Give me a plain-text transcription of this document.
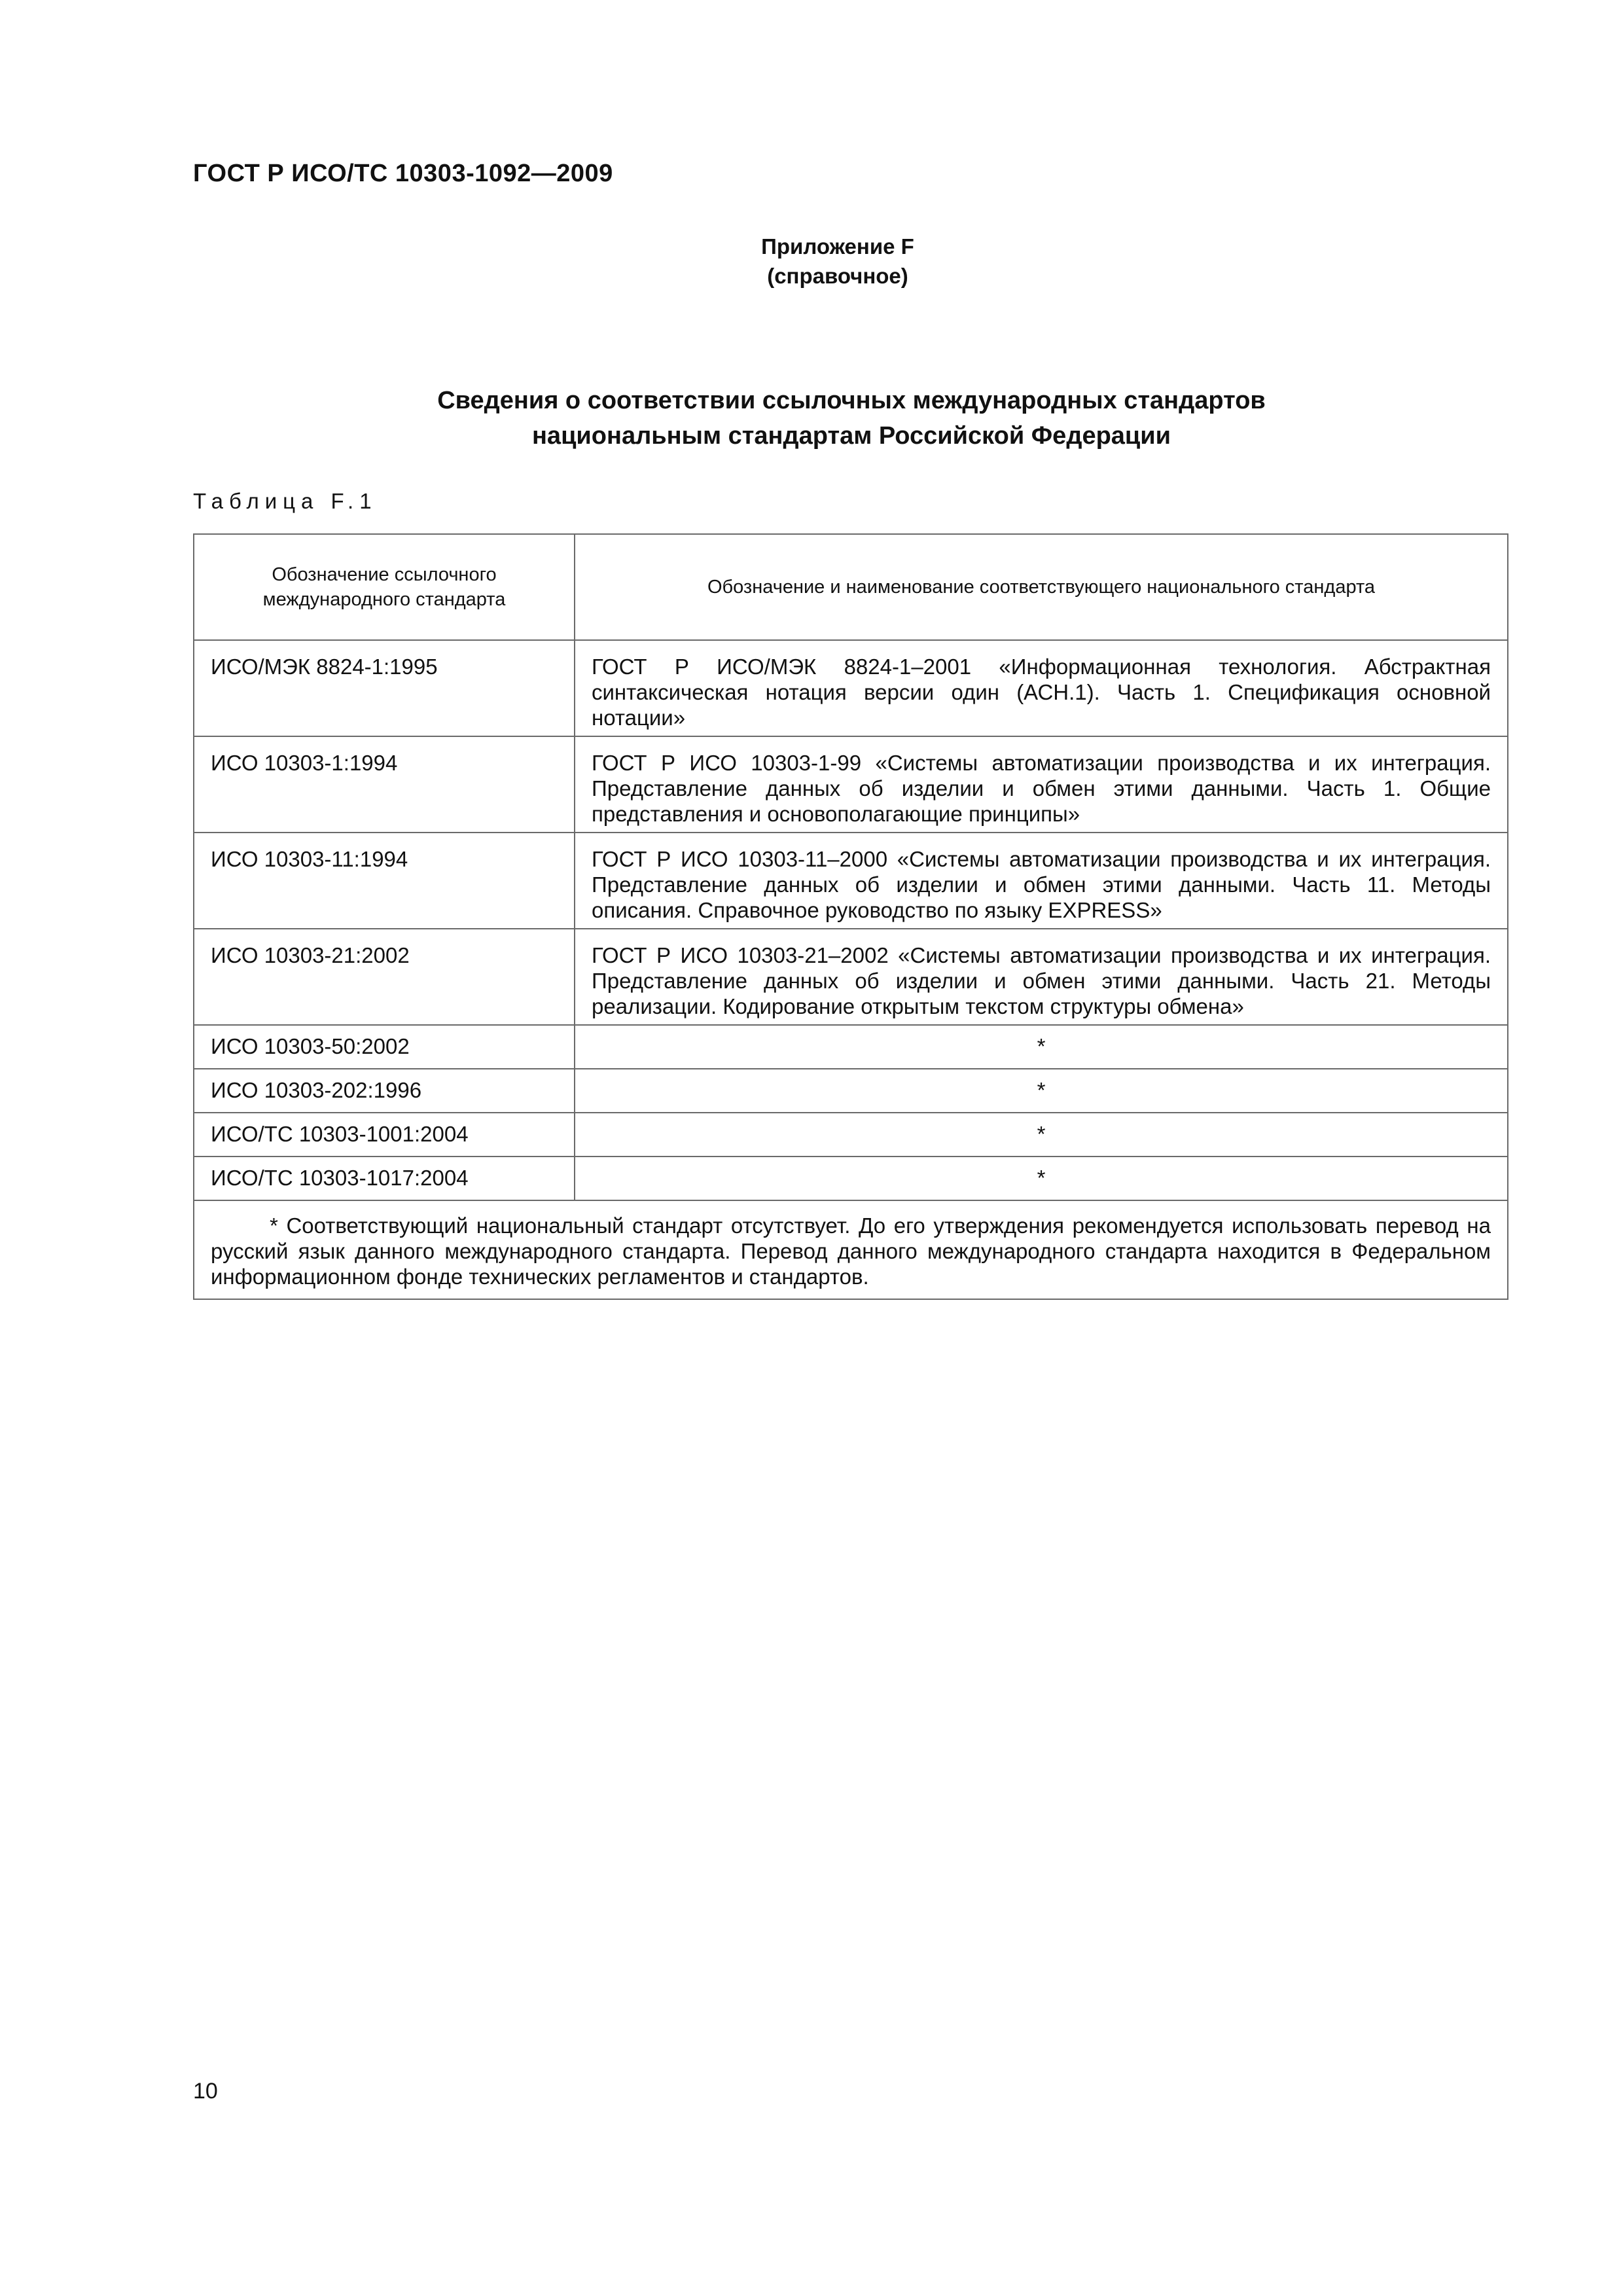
ГОСТ Р ИСО/ТС 10303-1092—2009
Приложение F
(справочное)
Сведения о соответствии ссылочных международных стандартов
национальным стандартам Российской Федерации
Таблица F.1
Обозначение ссылочного международного стандарта	Обозначение и наименование соответствующего национального стандарта
ИСО/МЭК 8824-1:1995	ГОСТ Р ИСО/МЭК 8824-1–2001 «Информационная технология. Абстрактная синтаксическая нотация версии один (АСН.1). Часть 1. Спецификация основной нотации»
ИСО 10303-1:1994	ГОСТ Р ИСО 10303-1-99 «Системы автоматизации производства и их интеграция. Представление данных об изделии и обмен этими данными. Часть 1. Общие представления и основополагающие принципы»
ИСО 10303-11:1994	ГОСТ Р ИСО 10303-11–2000 «Системы автоматизации производства и их интеграция. Представление данных об изделии и обмен этими данными. Часть 11. Методы описания. Справочное руководство по языку EXPRESS»
ИСО 10303-21:2002	ГОСТ Р ИСО 10303-21–2002 «Системы автоматизации производства и их интеграция. Представление данных об изделии и обмен этими данными. Часть 21. Методы реализации. Кодирование открытым текстом структуры обмена»
ИСО 10303-50:2002	*
ИСО 10303-202:1996	*
ИСО/ТС 10303-1001:2004	*
ИСО/ТС 10303-1017:2004	*

* Соответствующий национальный стандарт отсутствует. До его утверждения рекомендуется использовать перевод на русский язык данного международного стандарта. Перевод данного международного стандарта находится в Федеральном информационном фонде технических регламентов и стандартов.	
10
